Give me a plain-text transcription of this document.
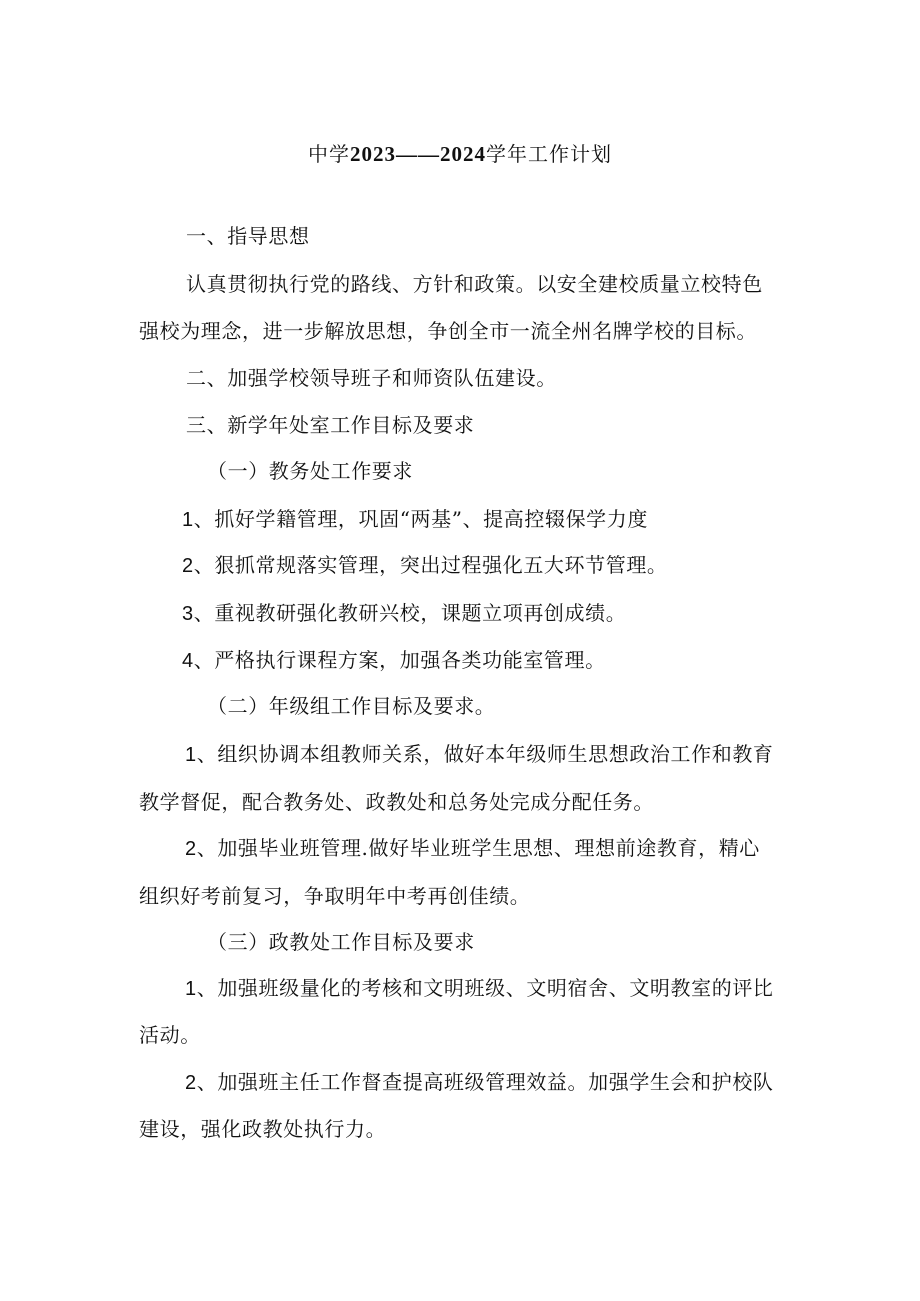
中学2023——2024学年工作计划
一、指导思想
认真贯彻执行党的路线、方针和政策。以安全建校质量立校特色
强校为理念，进一步解放思想，争创全市一流全州名牌学校的目标。
二、加强学校领导班子和师资队伍建设。
三、新学年处室工作目标及要求
（一）教务处工作要求
1、抓好学籍管理，巩固“两基”、提高控辍保学力度
2、狠抓常规落实管理，突出过程强化五大环节管理。
3、重视教研强化教研兴校，课题立项再创成绩。
4、严格执行课程方案，加强各类功能室管理。
（二）年级组工作目标及要求。
1、组织协调本组教师关系，做好本年级师生思想政治工作和教育
教学督促，配合教务处、政教处和总务处完成分配任务。
2、加强毕业班管理.做好毕业班学生思想、理想前途教育，精心
组织好考前复习，争取明年中考再创佳绩。
（三）政教处工作目标及要求
1、加强班级量化的考核和文明班级、文明宿舍、文明教室的评比
活动。
2、加强班主任工作督查提高班级管理效益。加强学生会和护校队
建设，强化政教处执行力。
